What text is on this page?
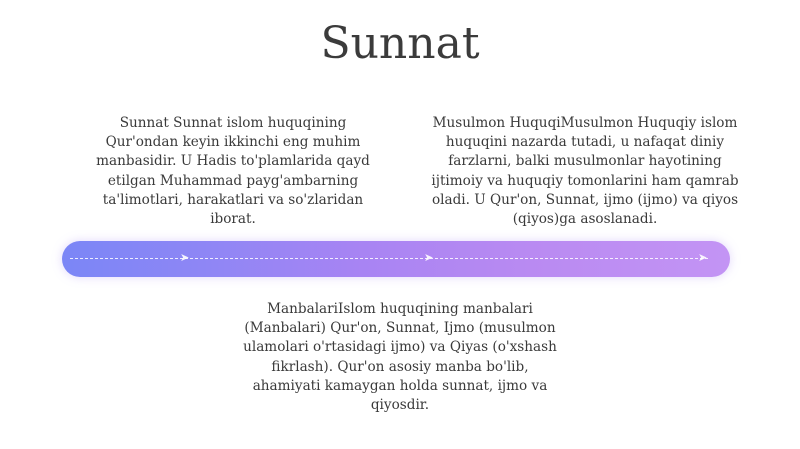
Sunnat

Sunnat Sunnat islom huquqining Qur'ondan keyin ikkinchi eng muhim manbasidir. U Hadis to'plamlarida qayd etilgan Muhammad payg'ambarning ta'limotlari, harakatlari va so'zlaridan iborat.

Musulmon HuquqiMusulmon Huquqiy islom huquqini nazarda tutadi, u nafaqat diniy farzlarni, balki musulmonlar hayotining ijtimoiy va huquqiy tomonlarini ham qamrab oladi. U Qur'on, Sunnat, ijmo (ijmo) va qiyos (qiyos)ga asoslanadi.

➤	➤	➤

ManbalariIslom huquqining manbalari (Manbalari) Qur'on, Sunnat, Ijmo (musulmon ulamolari o'rtasidagi ijmo) va Qiyas (o'xshash fikrlash). Qur'on asosiy manba bo'lib, ahamiyati kamaygan holda sunnat, ijmo va qiyosdir.
